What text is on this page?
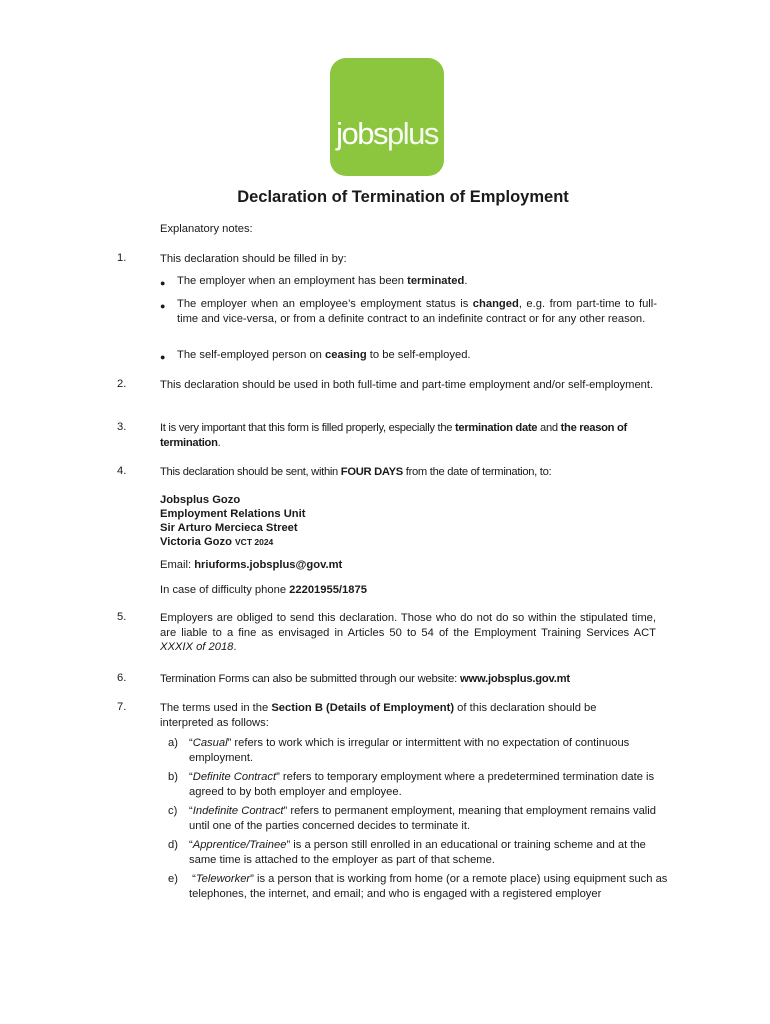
jobsplus
Declaration of Termination of Employment
Explanatory notes:
1.	This declaration should be filled in by:
● The employer when an employment has been terminated.
● The employer when an employee’s employment status is changed, e.g. from part-time to full-time and vice-versa, or from a definite contract to an indefinite contract or for any other reason.
● The self-employed person on ceasing to be self-employed.
2.	This declaration should be used in both full-time and part-time employment and/or self-employment.
3.	It is very important that this form is filled properly, especially the termination date and the reason of termination.
4.	This declaration should be sent, within FOUR DAYS from the date of termination, to:
Jobsplus Gozo
Employment Relations Unit
Sir Arturo Mercieca Street
Victoria Gozo VCT 2024
Email: hriuforms.jobsplus@gov.mt
In case of difficulty phone 22201955/1875
5.	Employers are obliged to send this declaration. Those who do not do so within the stipulated time, are liable to a fine as envisaged in Articles 50 to 54 of the Employment Training Services ACT XXXIX of 2018.
6.	Termination Forms can also be submitted through our website: www.jobsplus.gov.mt
7.	The terms used in the Section B (Details of Employment) of this declaration should be interpreted as follows:
a) “Casual” refers to work which is irregular or intermittent with no expectation of continuous employment.
b) “Definite Contract” refers to temporary employment where a predetermined termination date is agreed to by both employer and employee.
c) “Indefinite Contract” refers to permanent employment, meaning that employment remains valid until one of the parties concerned decides to terminate it.
d) “Apprentice/Trainee” is a person still enrolled in an educational or training scheme and at the same time is attached to the employer as part of that scheme.
e) “Teleworker” is a person that is working from home (or a remote place) using equipment such as telephones, the internet, and email; and who is engaged with a registered employer
